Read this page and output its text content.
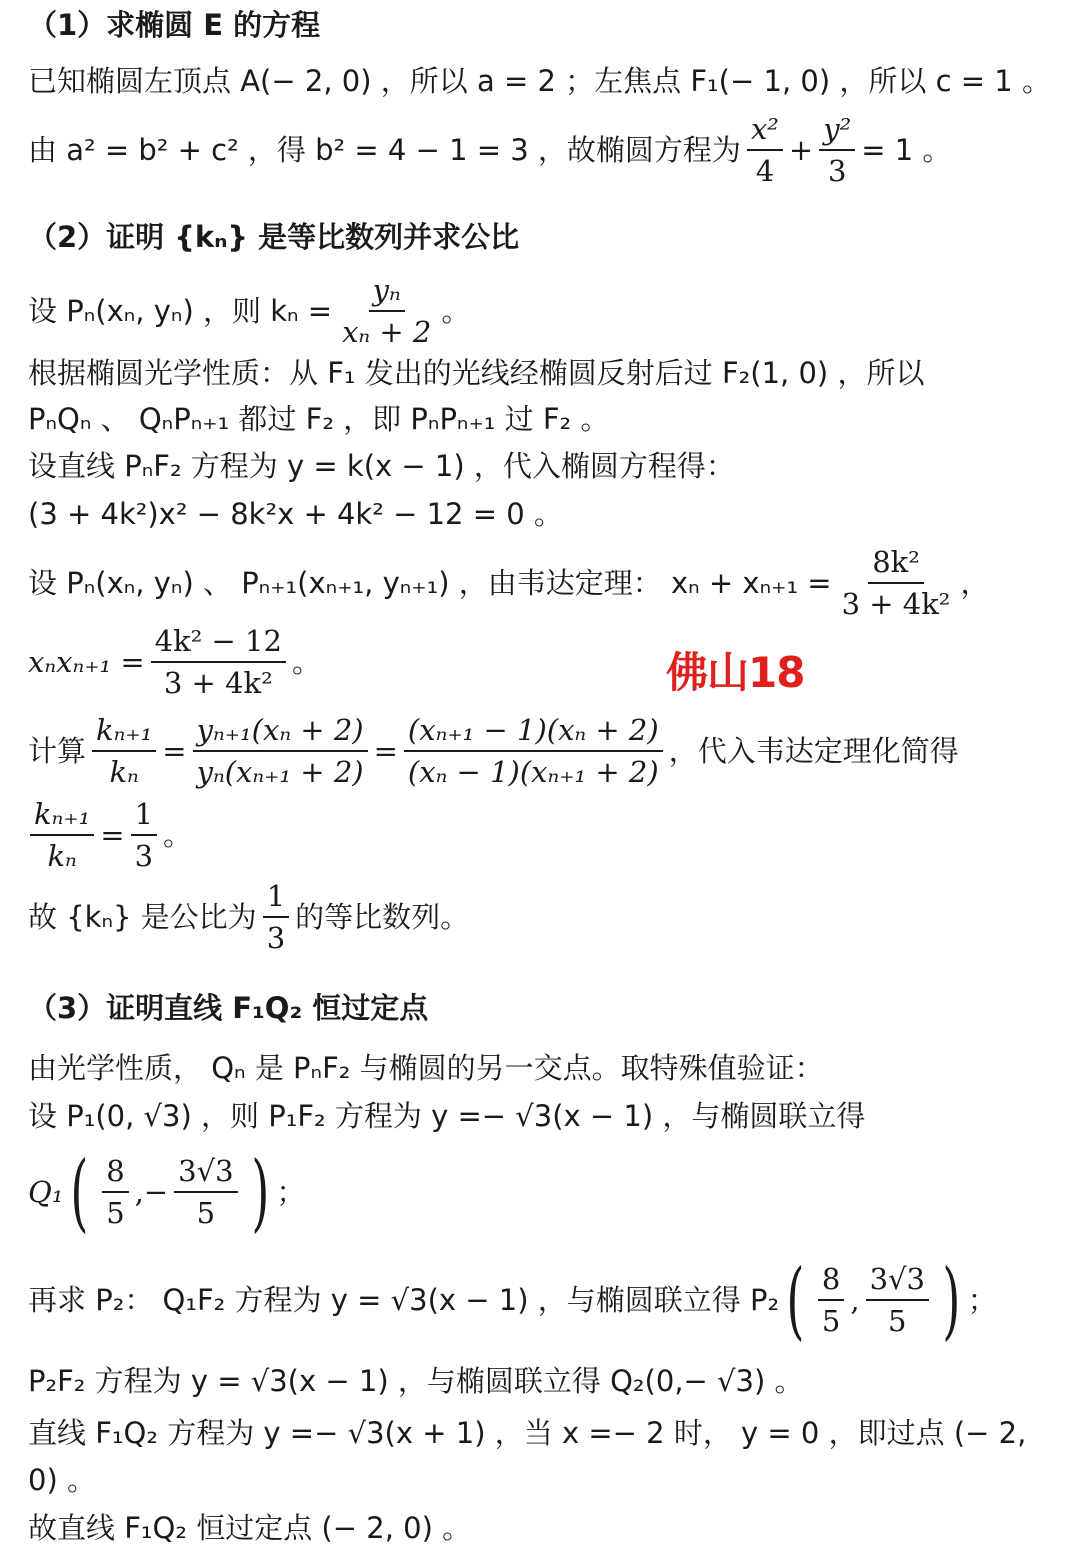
（1）求椭圆 E 的方程
已知椭圆左顶点 A(− 2, 0) ，所以 a = 2 ；左焦点 F₁(− 1, 0) ，所以 c = 1 。
由 a² = b² + c² ，得 b² = 4 − 1 = 3 ，故椭圆方程为 $\frac{\text{x²}}{4} + \frac{\text{y²}}{3} = 1$ 。
（2）证明 {kₙ} 是等比数列并求公比
设 Pₙ(xₙ, yₙ) ，则 $k_n = \frac{\text{yₙ}}{\text{xₙ + 2}}$ 。
根据椭圆光学性质：从 F₁ 发出的光线经椭圆反射后过 F₂(1, 0) ，所以
PₙQₙ 、 QₙPₙ₊₁ 都过 F₂ ，即 PₙPₙ₊₁ 过 F₂ 。
设直线 PₙF₂ 方程为 y = k(x − 1) ，代入椭圆方程得：
(3 + 4k²)x² − 8k²x + 4k² − 12 = 0 。
设 Pₙ(xₙ, yₙ) 、 Pₙ₊₁(xₙ₊₁, yₙ₊₁) ，由韦达定理： $x_n + x_{n+1} = \frac{\text{8k²}}{\text{3 + 4k²}}$ ，
$x_nx_{n+1} = \frac{\text{4k² − 12}}{\text{3 + 4k²}}$ 。
计算 $\frac{\text{kₙ₊₁}}{\text{kₙ}} = \frac{\text{yₙ₊₁(xₙ + 2)}}{\text{yₙ(xₙ₊₁ + 2)}} = \frac{\text{(xₙ₊₁ − 1)(xₙ + 2)}}{\text{(xₙ − 1)(xₙ₊₁ + 2)}}$ ，代入韦达定理化简得
$\frac{\text{kₙ₊₁}}{\text{kₙ}} = \frac{1}{3}$ 。
故 {kₙ} 是公比为 $\frac{1}{3}$ 的等比数列。
（3）证明直线 F₁Q₂ 恒过定点
由光学性质， Qₙ 是 PₙF₂ 与椭圆的另一交点。取特殊值验证：
设 P₁(0, √3) ，则 P₁F₂ 方程为 y =− √3(x − 1) ，与椭圆联立得
Q₁ ( $\frac{8}{5}$ ,− $\frac{3√3}{5}$ ) ；
再求 P₂： Q₁F₂ 方程为 y = √3(x − 1) ，与椭圆联立得 P₂ ( $\frac{8}{5}$ , $\frac{3√3}{5}$ ) ；
P₂F₂ 方程为 y = √3(x − 1) ，与椭圆联立得 Q₂(0,− √3) 。
直线 F₁Q₂ 方程为 y =− √3(x + 1) ，当 x =− 2 时， y = 0 ，即过点 (− 2,
0) 。
故直线 F₁Q₂ 恒过定点 (− 2, 0) 。
佛山18
